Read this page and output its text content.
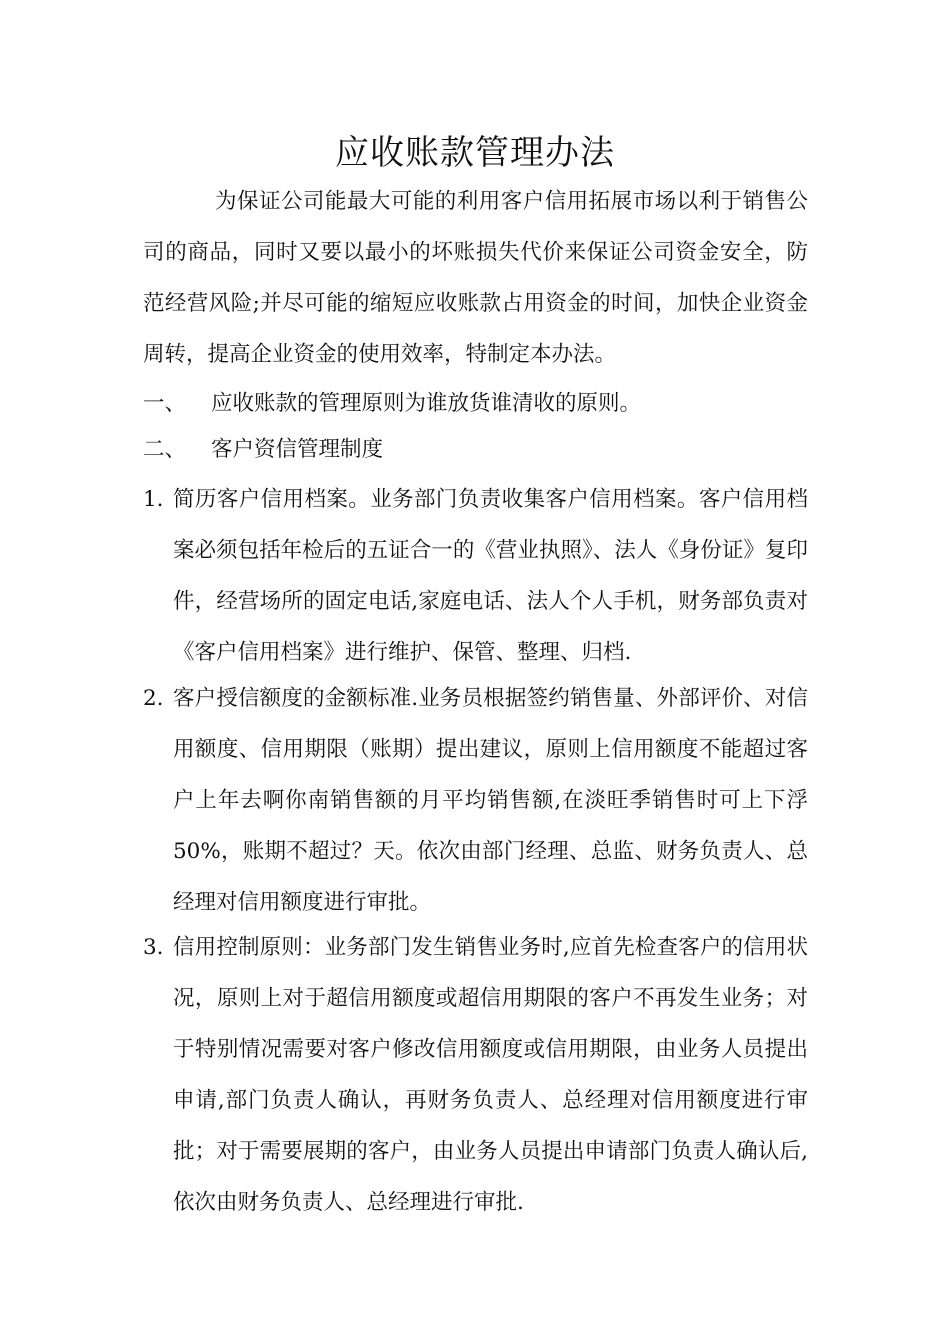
应收账款管理办法

为保证公司能最大可能的利用客户信用拓展市场以利于销售公司的商品，同时又要以最小的坏账损失代价来保证公司资金安全，防范经营风险;并尽可能的缩短应收账款占用资金的时间，加快企业资金周转，提高企业资金的使用效率，特制定本办法。

一、 应收账款的管理原则为谁放货谁清收的原则。

二、 客户资信管理制度

1. 简历客户信用档案。业务部门负责收集客户信用档案。客户信用档案必须包括年检后的五证合一的《营业执照》、法人《身份证》复印件，经营场所的固定电话,家庭电话、法人个人手机，财务部负责对《客户信用档案》进行维护、保管、整理、归档.
2. 客户授信额度的金额标准.业务员根据签约销售量、外部评价、对信用额度、信用期限（账期）提出建议，原则上信用额度不能超过客户上年去啊你南销售额的月平均销售额,在淡旺季销售时可上下浮50%，账期不超过？天。依次由部门经理、总监、财务负责人、总经理对信用额度进行审批。
3. 信用控制原则：业务部门发生销售业务时,应首先检查客户的信用状况，原则上对于超信用额度或超信用期限的客户不再发生业务；对于特别情况需要对客户修改信用额度或信用期限，由业务人员提出申请,部门负责人确认，再财务负责人、总经理对信用额度进行审批；对于需要展期的客户，由业务人员提出申请部门负责人确认后,依次由财务负责人、总经理进行审批.
